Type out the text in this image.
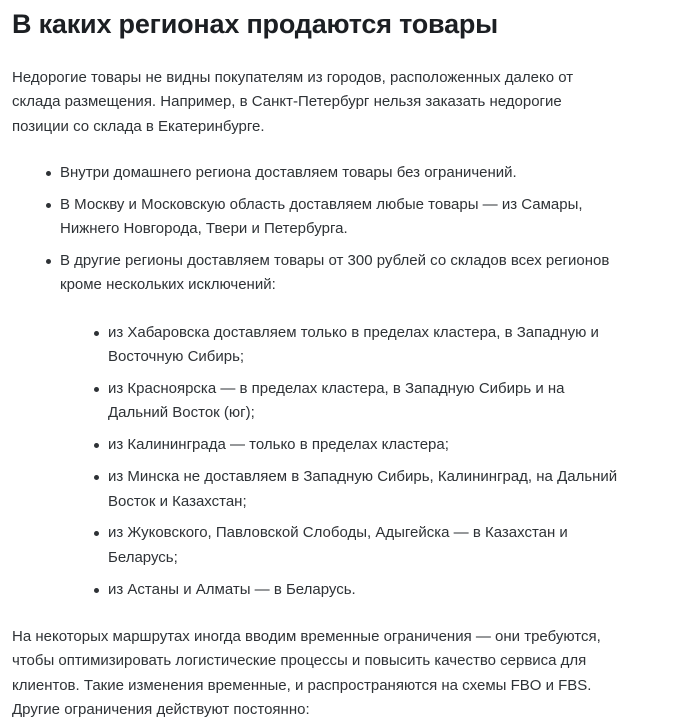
В каких регионах продаются товары

Недорогие товары не видны покупателям из городов, расположенных далеко от
склада размещения. Например, в Санкт-Петербург нельзя заказать недорогие
позиции со склада в Екатеринбурге.

Внутри домашнего региона доставляем товары без ограничений.
В Москву и Московскую область доставляем любые товары — из Самары,
Нижнего Новгорода, Твери и Петербурга.
В другие регионы доставляем товары от 300 рублей со складов всех регионов
кроме нескольких исключений:
из Хабаровска доставляем только в пределах кластера, в Западную и
Восточную Сибирь;
из Красноярска — в пределах кластера, в Западную Сибирь и на
Дальний Восток (юг);
из Калининграда — только в пределах кластера;
из Минска не доставляем в Западную Сибирь, Калининград, на Дальний
Восток и Казахстан;
из Жуковского, Павловской Слободы, Адыгейска — в Казахстан и
Беларусь;
из Астаны и Алматы — в Беларусь.

На некоторых маршрутах иногда вводим временные ограничения — они требуются,
чтобы оптимизировать логистические процессы и повысить качество сервиса для
клиентов. Такие изменения временные, и распространяются на схемы FBO и FBS.
Другие ограничения действуют постоянно:
